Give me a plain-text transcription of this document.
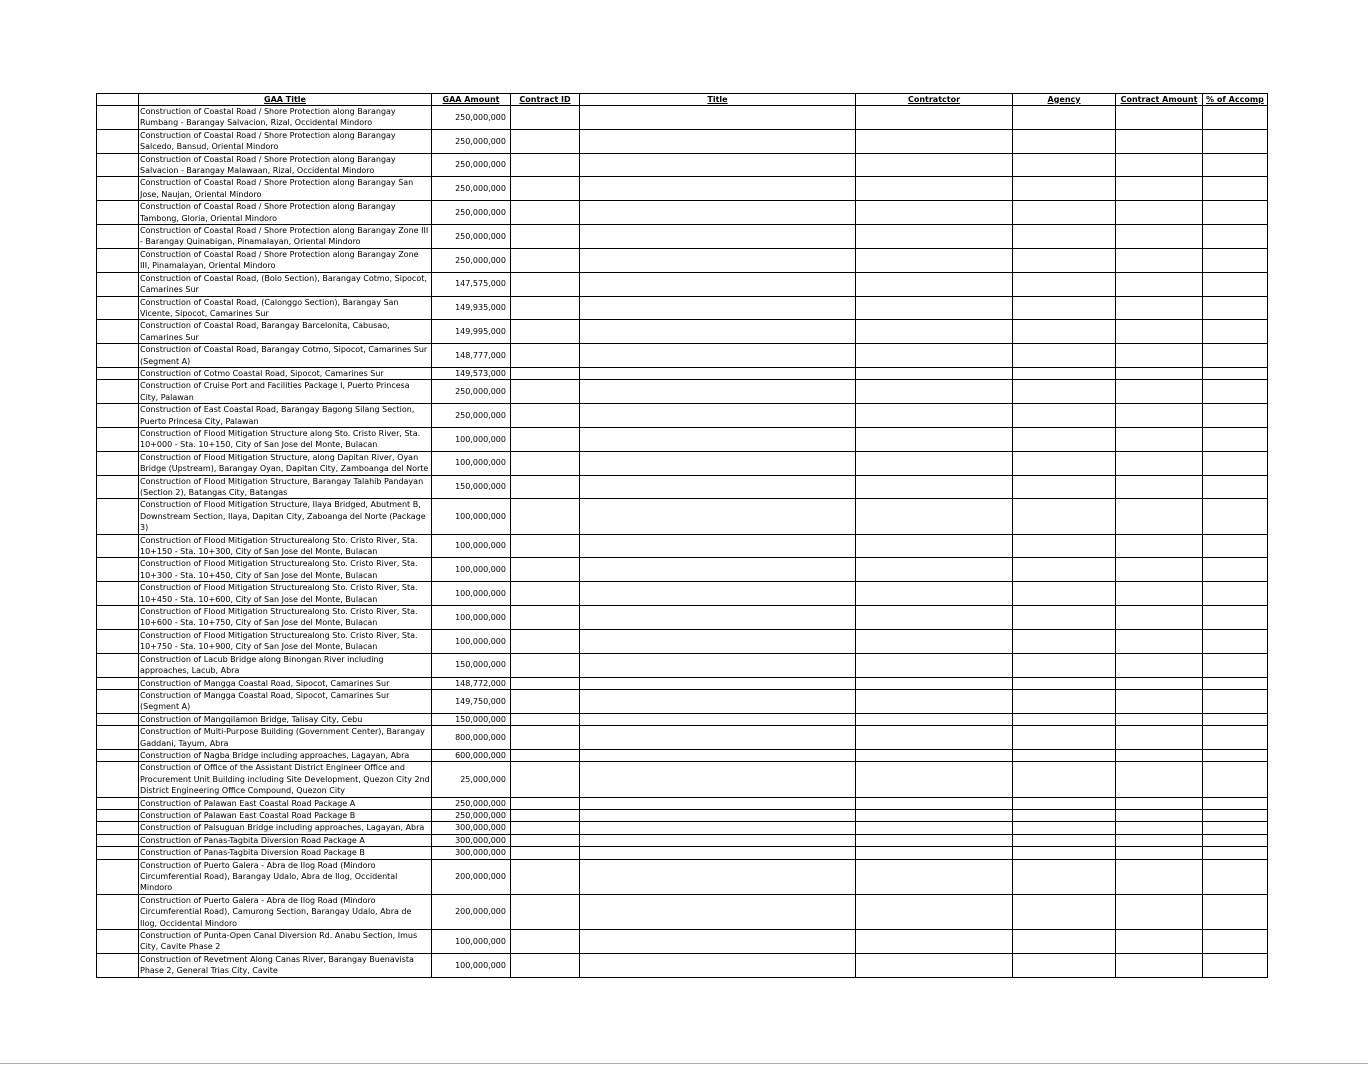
	GAA Title	GAA Amount	Contract ID	Title	Contratctor	Agency	Contract Amount	% of Accomp
	Construction of Coastal Road / Shore Protection along Barangay Rumbang - Barangay Salvacion, Rizal, Occidental Mindoro	250,000,000						
	Construction of Coastal Road / Shore Protection along Barangay Salcedo, Bansud, Oriental Mindoro	250,000,000						
	Construction of Coastal Road / Shore Protection along Barangay Salvacion - Barangay Malawaan, Rizal, Occidental Mindoro	250,000,000						
	Construction of Coastal Road / Shore Protection along Barangay San Jose, Naujan, Oriental Mindoro	250,000,000						
	Construction of Coastal Road / Shore Protection along Barangay Tambong, Gloria, Oriental Mindoro	250,000,000						
	Construction of Coastal Road / Shore Protection along Barangay Zone III - Barangay Quinabigan, Pinamalayan, Oriental Mindoro	250,000,000						
	Construction of Coastal Road / Shore Protection along Barangay Zone III, Pinamalayan, Oriental Mindoro	250,000,000						
	Construction of Coastal Road, (Bolo Section), Barangay Cotmo, Sipocot, Camarines Sur	147,575,000						
	Construction of Coastal Road, (Calonggo Section), Barangay San Vicente, Sipocot, Camarines Sur	149,935,000						
	Construction of Coastal Road, Barangay Barcelonita, Cabusao, Camarines Sur	149,995,000						
	Construction of Coastal Road, Barangay Cotmo, Sipocot, Camarines Sur (Segment A)	148,777,000						
	Construction of Cotmo Coastal Road, Sipocot, Camarines Sur	149,573,000						
	Construction of Cruise Port and Facilities Package I, Puerto Princesa City, Palawan	250,000,000						
	Construction of East Coastal Road, Barangay Bagong Silang Section, Puerto Princesa City, Palawan	250,000,000						
	Construction of Flood Mitigation Structure along Sto. Cristo River, Sta. 10+000 - Sta. 10+150, City of San Jose del Monte, Bulacan	100,000,000						
	Construction of Flood Mitigation Structure, along Dapitan River, Oyan Bridge (Upstream), Barangay Oyan, Dapitan City, Zamboanga del Norte	100,000,000						
	Construction of Flood Mitigation Structure, Barangay Talahib Pandayan (Section 2), Batangas City, Batangas	150,000,000						
	Construction of Flood Mitigation Structure, Ilaya Bridged, Abutment B, Downstream Section, Ilaya, Dapitan City, Zaboanga del Norte (Package 3)	100,000,000						
	Construction of Flood Mitigation Structurealong Sto. Cristo River, Sta. 10+150 - Sta. 10+300, City of San Jose del Monte, Bulacan	100,000,000						
	Construction of Flood Mitigation Structurealong Sto. Cristo River, Sta. 10+300 - Sta. 10+450, City of San Jose del Monte, Bulacan	100,000,000						
	Construction of Flood Mitigation Structurealong Sto. Cristo River, Sta. 10+450 - Sta. 10+600, City of San Jose del Monte, Bulacan	100,000,000						
	Construction of Flood Mitigation Structurealong Sto. Cristo River, Sta. 10+600 - Sta. 10+750, City of San Jose del Monte, Bulacan	100,000,000						
	Construction of Flood Mitigation Structurealong Sto. Cristo River, Sta. 10+750 - Sta. 10+900, City of San Jose del Monte, Bulacan	100,000,000						
	Construction of Lacub Bridge along Binongan River including approaches, Lacub, Abra	150,000,000						
	Construction of Mangga Coastal Road, Sipocot, Camarines Sur	148,772,000						
	Construction of Mangga Coastal Road, Sipocot, Camarines Sur (Segment A)	149,750,000						
	Construction of Mangqilamon Bridge, Talisay City, Cebu	150,000,000						
	Construction of Multi-Purpose Building (Government Center), Barangay Gaddani, Tayum, Abra	800,000,000						
	Construction of Nagba Bridge including approaches, Lagayan, Abra	600,000,000						
	Construction of Office of the Assistant District Engineer Office and Procurement Unit Building including Site Development, Quezon City 2nd District Engineering Office Compound, Quezon City	25,000,000						
	Construction of Palawan East Coastal Road Package A	250,000,000						
	Construction of Palawan East Coastal Road Package B	250,000,000						
	Construction of Palsuguan Bridge including approaches, Lagayan, Abra	300,000,000						
	Construction of Panas-Tagbita Diversion Road Package A	300,000,000						
	Construction of Panas-Tagbita Diversion Road Package B	300,000,000						
	Construction of Puerto Galera - Abra de Ilog Road (Mindoro Circumferential Road), Barangay Udalo, Abra de Ilog, Occidental Mindoro	200,000,000						
	Construction of Puerto Galera - Abra de Ilog Road (Mindoro Circumferential Road), Camurong Section, Barangay Udalo, Abra de Ilog, Occidental Mindoro	200,000,000						
	Construction of Punta-Open Canal Diversion Rd. Anabu Section, Imus City, Cavite Phase 2	100,000,000						
	Construction of Revetment Along Canas River, Barangay Buenavista Phase 2, General Trias City, Cavite	100,000,000						
